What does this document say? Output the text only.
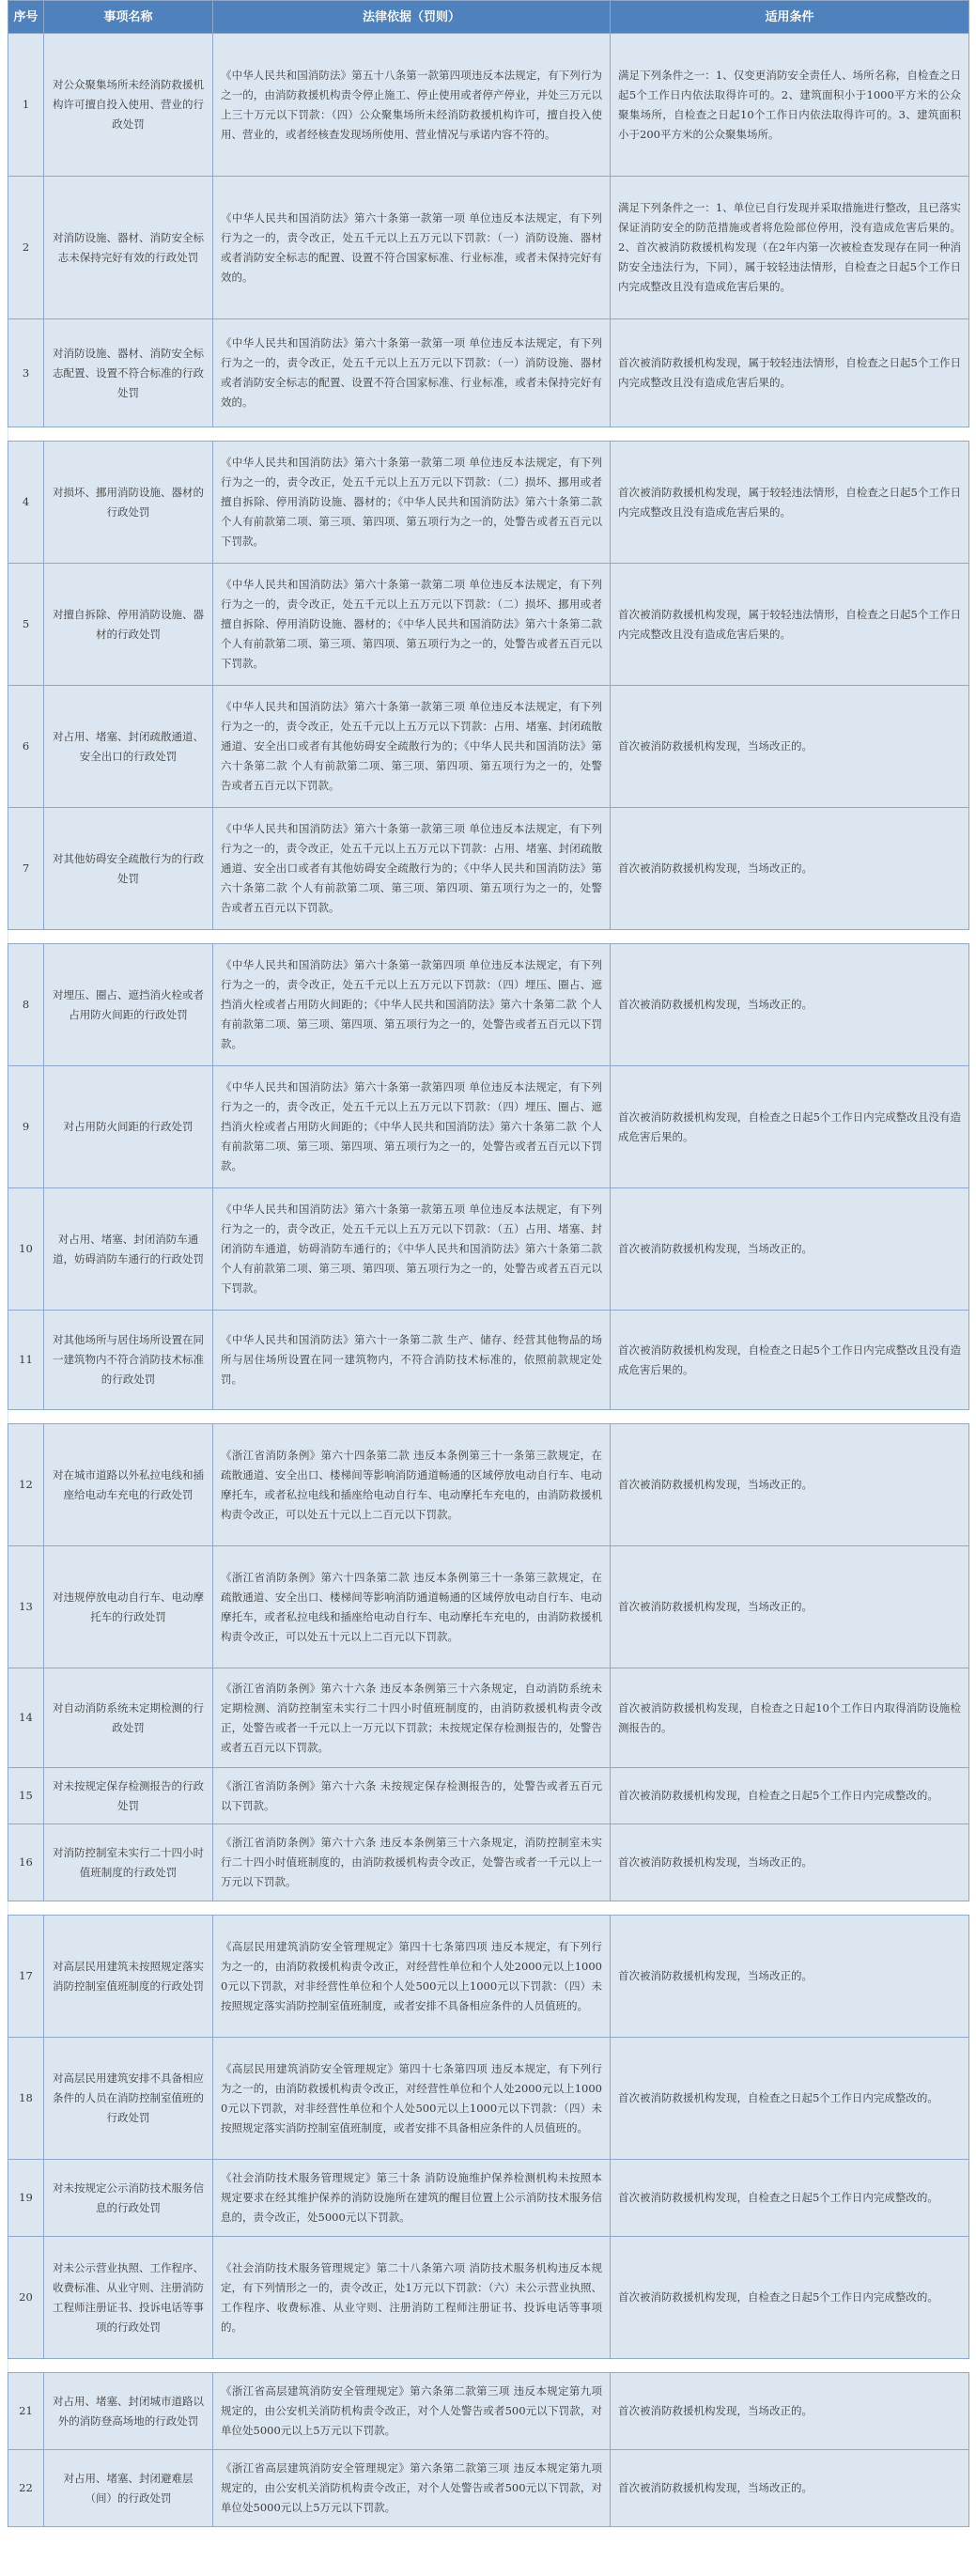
序号	事项名称	法律依据（罚则）	适用条件
1	对公众聚集场所未经消防救援机构许可擅自投入使用、营业的行政处罚	《中华人民共和国消防法》第五十八条第一款第四项违反本法规定，有下列行为之一的，由消防救援机构责令停止施工、停止使用或者停产停业，并处三万元以上三十万元以下罚款：（四）公众聚集场所未经消防救援机构许可，擅自投入使用、营业的，或者经核查发现场所使用、营业情况与承诺内容不符的。	满足下列条件之一：1、仅变更消防安全责任人、场所名称，自检查之日起5个工作日内依法取得许可的。2、建筑面积小于1000平方米的公众聚集场所，自检查之日起10个工作日内依法取得许可的。3、建筑面积小于200平方米的公众聚集场所。
2	对消防设施、器材、消防安全标志未保持完好有效的行政处罚	《中华人民共和国消防法》第六十条第一款第一项 单位违反本法规定，有下列行为之一的，责令改正，处五千元以上五万元以下罚款：（一）消防设施、器材或者消防安全标志的配置、设置不符合国家标准、行业标准，或者未保持完好有效的。	满足下列条件之一：1、单位已自行发现并采取措施进行整改，且已落实保证消防安全的防范措施或者将危险部位停用，没有造成危害后果的。2、首次被消防救援机构发现（在2年内第一次被检查发现存在同一种消防安全违法行为，下同），属于较轻违法情形，自检查之日起5个工作日内完成整改且没有造成危害后果的。
3	对消防设施、器材、消防安全标志配置、设置不符合标准的行政处罚	《中华人民共和国消防法》第六十条第一款第一项 单位违反本法规定，有下列行为之一的，责令改正，处五千元以上五万元以下罚款：（一）消防设施、器材或者消防安全标志的配置、设置不符合国家标准、行业标准，或者未保持完好有效的。	首次被消防救援机构发现，属于较轻违法情形，自检查之日起5个工作日内完成整改且没有造成危害后果的。

4	对损坏、挪用消防设施、器材的行政处罚	《中华人民共和国消防法》第六十条第一款第二项 单位违反本法规定，有下列行为之一的，责令改正，处五千元以上五万元以下罚款：（二）损坏、挪用或者擅自拆除、停用消防设施、器材的；《中华人民共和国消防法》第六十条第二款 个人有前款第二项、第三项、第四项、第五项行为之一的，处警告或者五百元以下罚款。	首次被消防救援机构发现，属于较轻违法情形，自检查之日起5个工作日内完成整改且没有造成危害后果的。
5	对擅自拆除、停用消防设施、器材的行政处罚	《中华人民共和国消防法》第六十条第一款第二项 单位违反本法规定，有下列行为之一的，责令改正，处五千元以上五万元以下罚款：（二）损坏、挪用或者擅自拆除、停用消防设施、器材的；《中华人民共和国消防法》第六十条第二款 个人有前款第二项、第三项、第四项、第五项行为之一的，处警告或者五百元以下罚款。	首次被消防救援机构发现，属于较轻违法情形，自检查之日起5个工作日内完成整改且没有造成危害后果的。
6	对占用、堵塞、封闭疏散通道、安全出口的行政处罚	《中华人民共和国消防法》第六十条第一款第三项 单位违反本法规定，有下列行为之一的，责令改正，处五千元以上五万元以下罚款：占用、堵塞、封闭疏散通道、安全出口或者有其他妨碍安全疏散行为的；《中华人民共和国消防法》第六十条第二款 个人有前款第二项、第三项、第四项、第五项行为之一的，处警告或者五百元以下罚款。	首次被消防救援机构发现，当场改正的。
7	对其他妨碍安全疏散行为的行政处罚	《中华人民共和国消防法》第六十条第一款第三项 单位违反本法规定，有下列行为之一的，责令改正，处五千元以上五万元以下罚款：占用、堵塞、封闭疏散通道、安全出口或者有其他妨碍安全疏散行为的；《中华人民共和国消防法》第六十条第二款 个人有前款第二项、第三项、第四项、第五项行为之一的，处警告或者五百元以下罚款。	首次被消防救援机构发现，当场改正的。

8	对埋压、圈占、遮挡消火栓或者占用防火间距的行政处罚	《中华人民共和国消防法》第六十条第一款第四项 单位违反本法规定，有下列行为之一的，责令改正，处五千元以上五万元以下罚款：（四）埋压、圈占、遮挡消火栓或者占用防火间距的；《中华人民共和国消防法》第六十条第二款 个人有前款第二项、第三项、第四项、第五项行为之一的，处警告或者五百元以下罚款。	首次被消防救援机构发现，当场改正的。
9	对占用防火间距的行政处罚	《中华人民共和国消防法》第六十条第一款第四项 单位违反本法规定，有下列行为之一的，责令改正，处五千元以上五万元以下罚款：（四）埋压、圈占、遮挡消火栓或者占用防火间距的；《中华人民共和国消防法》第六十条第二款 个人有前款第二项、第三项、第四项、第五项行为之一的，处警告或者五百元以下罚款。	首次被消防救援机构发现，自检查之日起5个工作日内完成整改且没有造成危害后果的。
10	对占用、堵塞、封闭消防车通道，妨碍消防车通行的行政处罚	《中华人民共和国消防法》第六十条第一款第五项 单位违反本法规定，有下列行为之一的，责令改正，处五千元以上五万元以下罚款：（五）占用、堵塞、封闭消防车通道，妨碍消防车通行的；《中华人民共和国消防法》第六十条第二款 个人有前款第二项、第三项、第四项、第五项行为之一的，处警告或者五百元以下罚款。	首次被消防救援机构发现，当场改正的。
11	对其他场所与居住场所设置在同一建筑物内不符合消防技术标准的行政处罚	《中华人民共和国消防法》第六十一条第二款 生产、储存、经营其他物品的场所与居住场所设置在同一建筑物内，不符合消防技术标准的，依照前款规定处罚。	首次被消防救援机构发现，自检查之日起5个工作日内完成整改且没有造成危害后果的。

12	对在城市道路以外私拉电线和插座给电动车充电的行政处罚	《浙江省消防条例》第六十四条第二款 违反本条例第三十一条第三款规定，在疏散通道、安全出口、楼梯间等影响消防通道畅通的区域停放电动自行车、电动摩托车，或者私拉电线和插座给电动自行车、电动摩托车充电的，由消防救援机构责令改正，可以处五十元以上二百元以下罚款。	首次被消防救援机构发现，当场改正的。
13	对违规停放电动自行车、电动摩托车的行政处罚	《浙江省消防条例》第六十四条第二款 违反本条例第三十一条第三款规定，在疏散通道、安全出口、楼梯间等影响消防通道畅通的区域停放电动自行车、电动摩托车，或者私拉电线和插座给电动自行车、电动摩托车充电的，由消防救援机构责令改正，可以处五十元以上二百元以下罚款。	首次被消防救援机构发现，当场改正的。
14	对自动消防系统未定期检测的行政处罚	《浙江省消防条例》第六十六条 违反本条例第三十六条规定，自动消防系统未定期检测、消防控制室未实行二十四小时值班制度的，由消防救援机构责令改正，处警告或者一千元以上一万元以下罚款；未按规定保存检测报告的，处警告或者五百元以下罚款。	首次被消防救援机构发现，自检查之日起10个工作日内取得消防设施检测报告的。
15	对未按规定保存检测报告的行政处罚	《浙江省消防条例》第六十六条 未按规定保存检测报告的，处警告或者五百元以下罚款。	首次被消防救援机构发现，自检查之日起5个工作日内完成整改的。
16	对消防控制室未实行二十四小时值班制度的行政处罚	《浙江省消防条例》第六十六条 违反本条例第三十六条规定，消防控制室未实行二十四小时值班制度的，由消防救援机构责令改正，处警告或者一千元以上一万元以下罚款。	首次被消防救援机构发现，当场改正的。

17	对高层民用建筑未按照规定落实消防控制室值班制度的行政处罚	《高层民用建筑消防安全管理规定》第四十七条第四项 违反本规定，有下列行为之一的，由消防救援机构责令改正，对经营性单位和个人处2000元以上10000元以下罚款，对非经营性单位和个人处500元以上1000元以下罚款：（四）未按照规定落实消防控制室值班制度，或者安排不具备相应条件的人员值班的。	首次被消防救援机构发现，当场改正的。
18	对高层民用建筑安排不具备相应条件的人员在消防控制室值班的行政处罚	《高层民用建筑消防安全管理规定》第四十七条第四项 违反本规定，有下列行为之一的，由消防救援机构责令改正，对经营性单位和个人处2000元以上10000元以下罚款，对非经营性单位和个人处500元以上1000元以下罚款：（四）未按照规定落实消防控制室值班制度，或者安排不具备相应条件的人员值班的。	首次被消防救援机构发现，自检查之日起5个工作日内完成整改的。
19	对未按规定公示消防技术服务信息的行政处罚	《社会消防技术服务管理规定》第三十条 消防设施维护保养检测机构未按照本规定要求在经其维护保养的消防设施所在建筑的醒目位置上公示消防技术服务信息的，责令改正，处5000元以下罚款。	首次被消防救援机构发现，自检查之日起5个工作日内完成整改的。
20	对未公示营业执照、工作程序、收费标准、从业守则、注册消防工程师注册证书、投诉电话等事项的行政处罚	《社会消防技术服务管理规定》第二十八条第六项 消防技术服务机构违反本规定，有下列情形之一的，责令改正，处1万元以下罚款：（六）未公示营业执照、工作程序、收费标准、从业守则、注册消防工程师注册证书、投诉电话等事项的。	首次被消防救援机构发现，自检查之日起5个工作日内完成整改的。

21	对占用、堵塞、封闭城市道路以外的消防登高场地的行政处罚	《浙江省高层建筑消防安全管理规定》第六条第二款第三项 违反本规定第九项规定的，由公安机关消防机构责令改正，对个人处警告或者500元以下罚款，对单位处5000元以上5万元以下罚款。	首次被消防救援机构发现，当场改正的。
22	对占用、堵塞、封闭避难层（间）的行政处罚	《浙江省高层建筑消防安全管理规定》第六条第二款第三项 违反本规定第九项规定的，由公安机关消防机构责令改正，对个人处警告或者500元以下罚款，对单位处5000元以上5万元以下罚款。	首次被消防救援机构发现，当场改正的。
